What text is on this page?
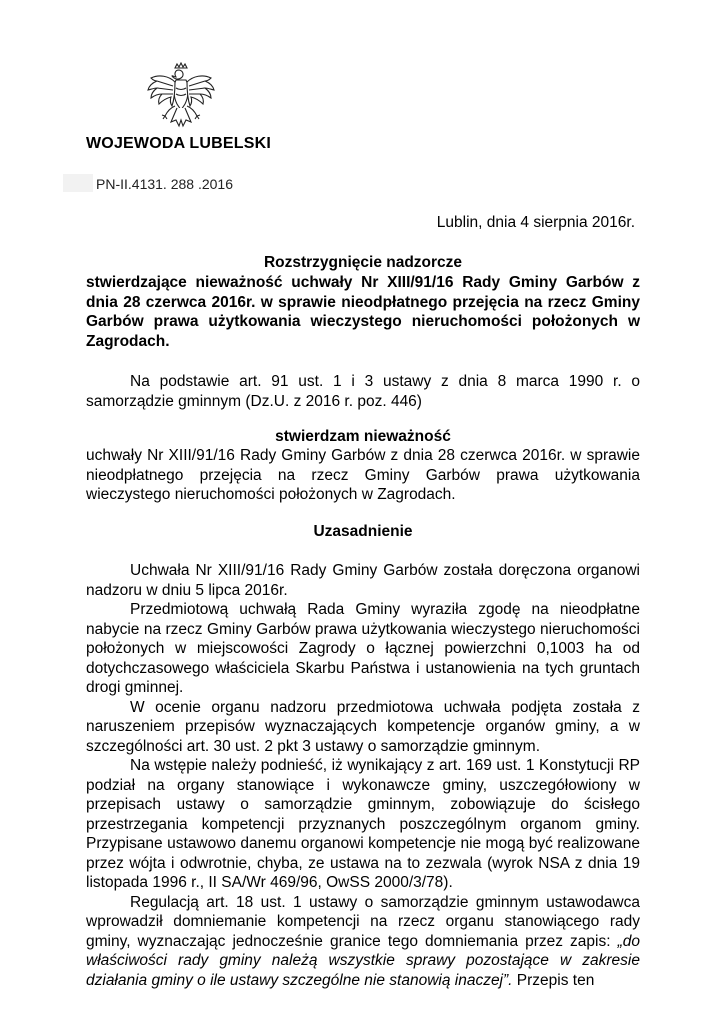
WOJEWODA LUBELSKI
PN-II.4131. 288 .2016
Lublin, dnia 4 sierpnia 2016r.
Rozstrzygnięcie nadzorcze
stwierdzające nieważność uchwały Nr XIII/91/16 Rady Gminy Garbów z dnia 28 czerwca 2016r. w sprawie nieodpłatnego przejęcia na rzecz Gminy Garbów prawa użytkowania wieczystego nieruchomości położonych w Zagrodach.
Na podstawie art. 91 ust. 1 i 3 ustawy z dnia 8 marca 1990 r. o samorządzie gminnym (Dz.U. z 2016 r. poz. 446)
stwierdzam nieważność
uchwały Nr XIII/91/16 Rady Gminy Garbów z dnia 28 czerwca 2016r. w sprawie nieodpłatnego przejęcia na rzecz Gminy Garbów prawa użytkowania wieczystego nieruchomości położonych w Zagrodach.
Uzasadnienie

Uchwała Nr XIII/91/16 Rady Gminy Garbów została doręczona organowi nadzoru w dniu 5 lipca 2016r.

Przedmiotową uchwałą Rada Gminy wyraziła zgodę na nieodpłatne nabycie na rzecz Gminy Garbów prawa użytkowania wieczystego nieruchomości położonych w miejscowości Zagrody o łącznej powierzchni 0,1003 ha od dotychczasowego właściciela Skarbu Państwa i ustanowienia na tych gruntach drogi gminnej.

W ocenie organu nadzoru przedmiotowa uchwała podjęta została z naruszeniem przepisów wyznaczających kompetencje organów gminy, a w szczególności art. 30 ust. 2 pkt 3 ustawy o samorządzie gminnym.

Na wstępie należy podnieść, iż wynikający z art. 169 ust. 1 Konstytucji RP podział na organy stanowiące i wykonawcze gminy, uszczegółowiony w przepisach ustawy o samorządzie gminnym, zobowiązuje do ścisłego przestrzegania kompetencji przyznanych poszczególnym organom gminy. Przypisane ustawowo danemu organowi kompetencje nie mogą być realizowane przez wójta i odwrotnie, chyba, ze ustawa na to zezwala (wyrok NSA z dnia 19 listopada 1996 r., II SA/Wr 469/96, OwSS 2000/3/78).

Regulacją art. 18 ust. 1 ustawy o samorządzie gminnym ustawodawca wprowadził domniemanie kompetencji na rzecz organu stanowiącego rady gminy, wyznaczając jednocześnie granice tego domniemania przez zapis: „do właściwości rady gminy należą wszystkie sprawy pozostające w zakresie działania gminy o ile ustawy szczególne nie stanowią inaczej”. Przepis ten
